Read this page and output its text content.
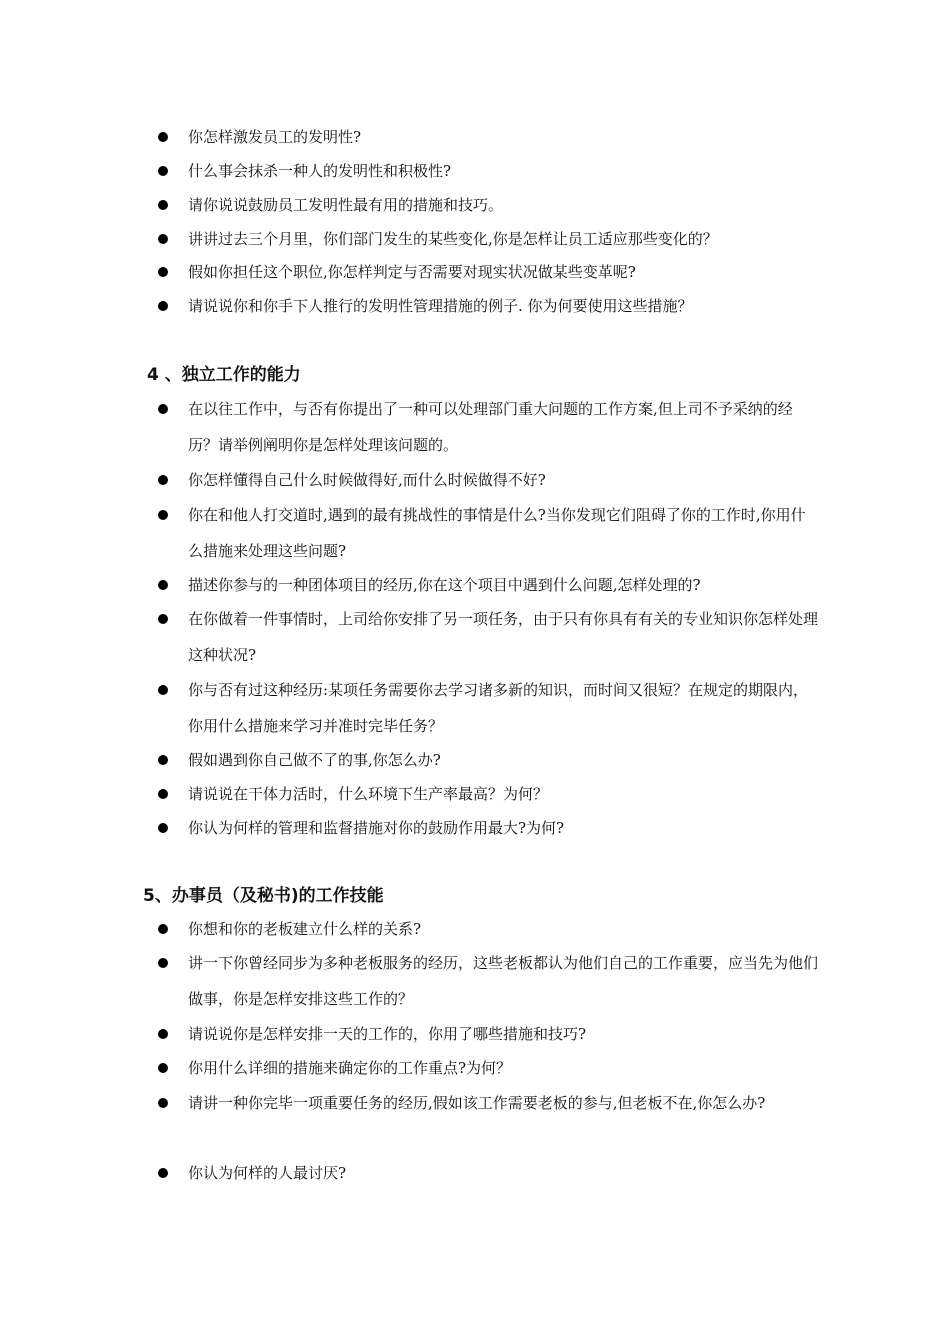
你怎样激发员工的发明性?
什么事会抹杀一种人的发明性和积极性?
请你说说鼓励员工发明性最有用的措施和技巧。
讲讲过去三个月里，你们部门发生的某些变化,你是怎样让员工适应那些变化的？
假如你担任这个职位,你怎样判定与否需要对现实状况做某些变革呢?
请说说你和你手下人推行的发明性管理措施的例子. 你为何要使用这些措施？
4 、独立工作的能力
在以往工作中，与否有你提出了一种可以处理部门重大问题的工作方案,但上司不予采纳的经历？请举例阐明你是怎样处理该问题的。
你怎样懂得自己什么时候做得好,而什么时候做得不好?
你在和他人打交道时,遇到的最有挑战性的事情是什么?当你发现它们阻碍了你的工作时,你用什么措施来处理这些问题?
描述你参与的一种团体项目的经历,你在这个项目中遇到什么问题,怎样处理的?
在你做着一件事情时，上司给你安排了另一项任务，由于只有你具有有关的专业知识你怎样处理这种状况?
你与否有过这种经历:某项任务需要你去学习诸多新的知识，而时间又很短？在规定的期限内，你用什么措施来学习并准时完毕任务？
假如遇到你自己做不了的事,你怎么办?
请说说在干体力活时，什么环境下生产率最高？为何？
你认为何样的管理和监督措施对你的鼓励作用最大?为何?
5、办事员（及秘书)的工作技能
你想和你的老板建立什么样的关系?
讲一下你曾经同步为多种老板服务的经历，这些老板都认为他们自己的工作重要，应当先为他们做事，你是怎样安排这些工作的？
请说说你是怎样安排一天的工作的，你用了哪些措施和技巧?
你用什么详细的措施来确定你的工作重点?为何？
请讲一种你完毕一项重要任务的经历,假如该工作需要老板的参与,但老板不在,你怎么办?
你认为何样的人最讨厌?
